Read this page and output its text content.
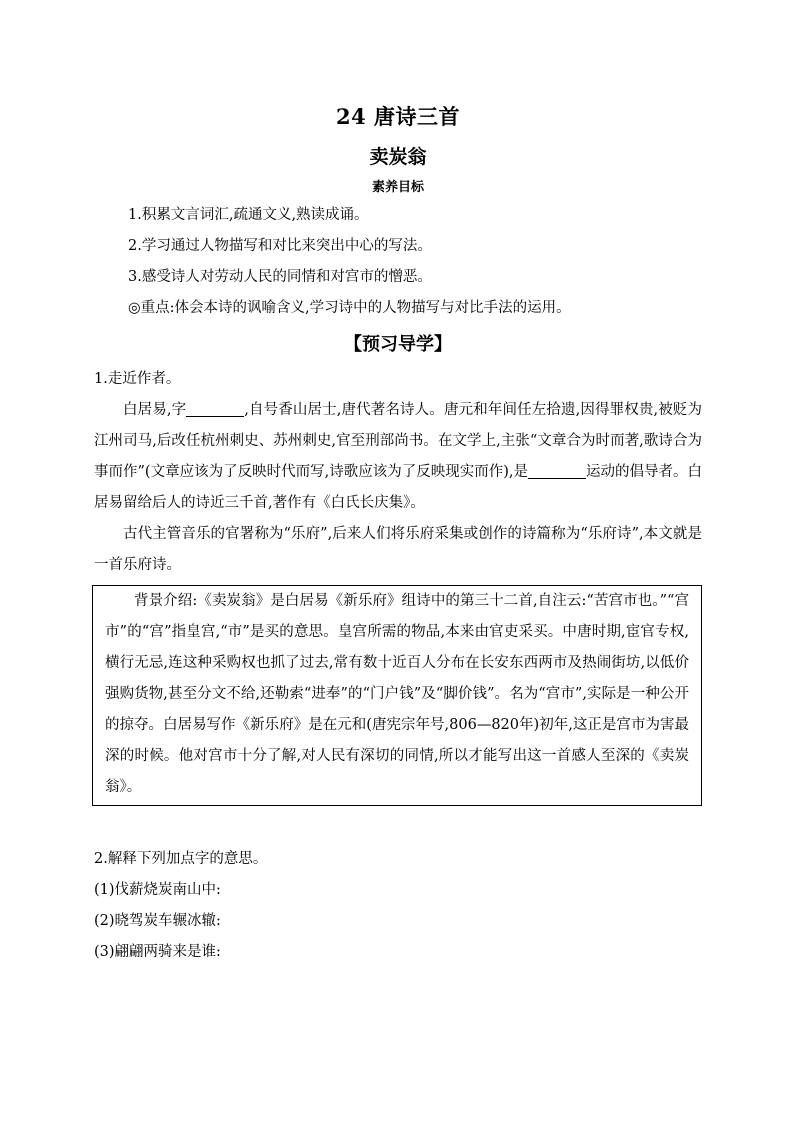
24 唐诗三首
卖炭翁
素养目标

1.积累文言词汇,疏通文义,熟读成诵。

2.学习通过人物描写和对比来突出中心的写法。

3.感受诗人对劳动人民的同情和对宫市的憎恶。

◎重点:体会本诗的讽喻含义,学习诗中的人物描写与对比手法的运用。

【预习导学】

1.走近作者。

白居易,字	,自号香山居士,唐代著名诗人。唐元和年间任左拾遗,因得罪权贵,被贬为江州司马,后改任杭州刺史、苏州刺史,官至刑部尚书。在文学上,主张“文章合为时而著,歌诗合为事而作”(文章应该为了反映时代而写,诗歌应该为了反映现实而作),是	运动的倡导者。白居易留给后人的诗近三千首,著作有《白氏长庆集》。

古代主管音乐的官署称为“乐府”,后来人们将乐府采集或创作的诗篇称为“乐府诗”,本文就是一首乐府诗。

背景介绍:《卖炭翁》是白居易《新乐府》组诗中的第三十二首,自注云:“苦宫市也。”“宫市”的“宫”指皇宫,“市”是买的意思。皇宫所需的物品,本来由官吏采买。中唐时期,宦官专权,横行无忌,连这种采购权也抓了过去,常有数十近百人分布在长安东西两市及热闹街坊,以低价强购货物,甚至分文不给,还勒索“进奉”的“门户钱”及“脚价钱”。名为“宫市”,实际是一种公开的掠夺。白居易写作《新乐府》是在元和(唐宪宗年号,806—820年)初年,这正是宫市为害最深的时候。他对宫市十分了解,对人民有深切的同情,所以才能写出这一首感人至深的《卖炭翁》。

2.解释下列加点字的意思。

(1)伐薪烧炭南山中:

(2)晓驾炭车辗冰辙:

(3)翩翩两骑来是谁:
